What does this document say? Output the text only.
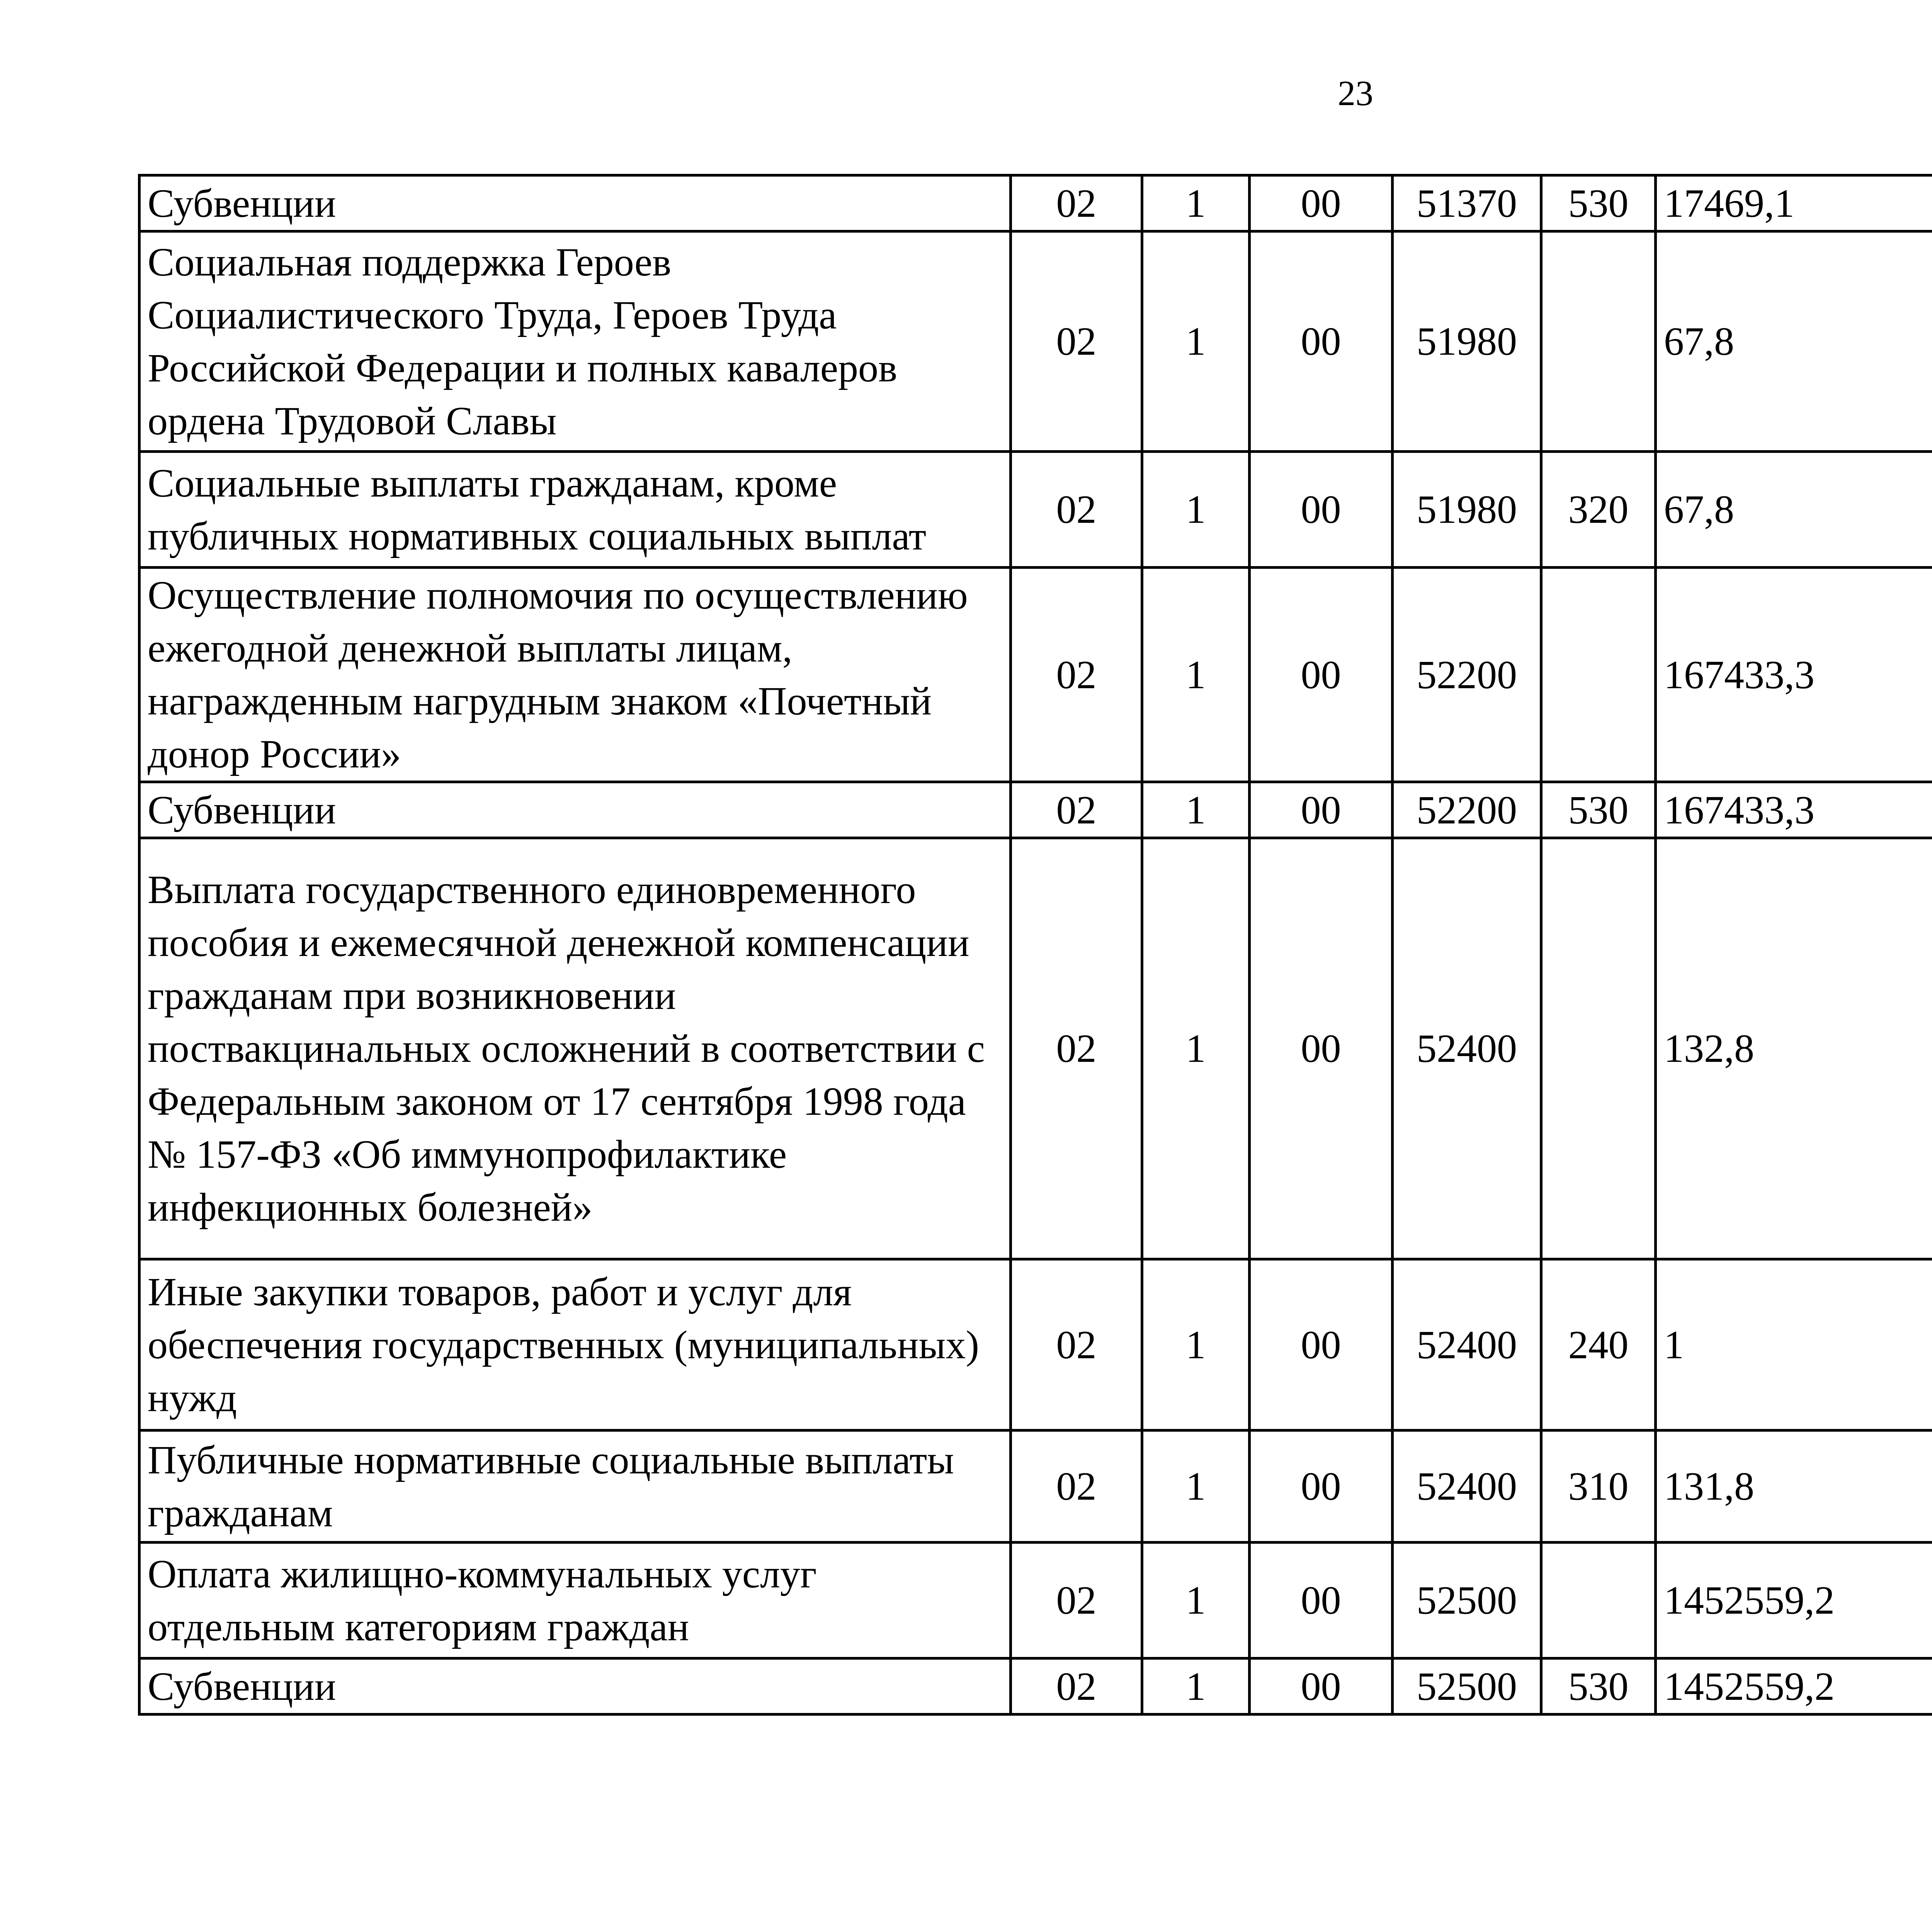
23
Субвенции	02	1	00	51370	530	17469,1		
Социальная поддержка Героев Социалистического Труда, Героев Труда Российской Федерации и полных кавалеров ордена Трудовой Славы	02	1	00	51980		67,8		
Социальные выплаты гражданам, кроме публичных нормативных социальных выплат	02	1	00	51980	320	67,8		
Осуществление полномочия по осуществлению ежегодной денежной выплаты лицам, награжденным нагрудным знаком «Почетный донор России»	02	1	00	52200		167433,3		
Субвенции	02	1	00	52200	530	167433,3		
Выплата государственного единовременного пособия и ежемесячной денежной компенсации гражданам при возникновении поствакцинальных осложнений в соответствии с Федеральным законом от 17 сентября 1998 года № 157-ФЗ «Об иммунопрофилактике инфекционных болезней»	02	1	00	52400		132,8		
Иные закупки товаров, работ и услуг для обеспечения государственных (муниципальных) нужд	02	1	00	52400	240	1		
Публичные нормативные социальные выплаты гражданам	02	1	00	52400	310	131,8		
Оплата жилищно-коммунальных услуг отдельным категориям граждан	02	1	00	52500		1452559,2		
Субвенции	02	1	00	52500	530	1452559,2		
